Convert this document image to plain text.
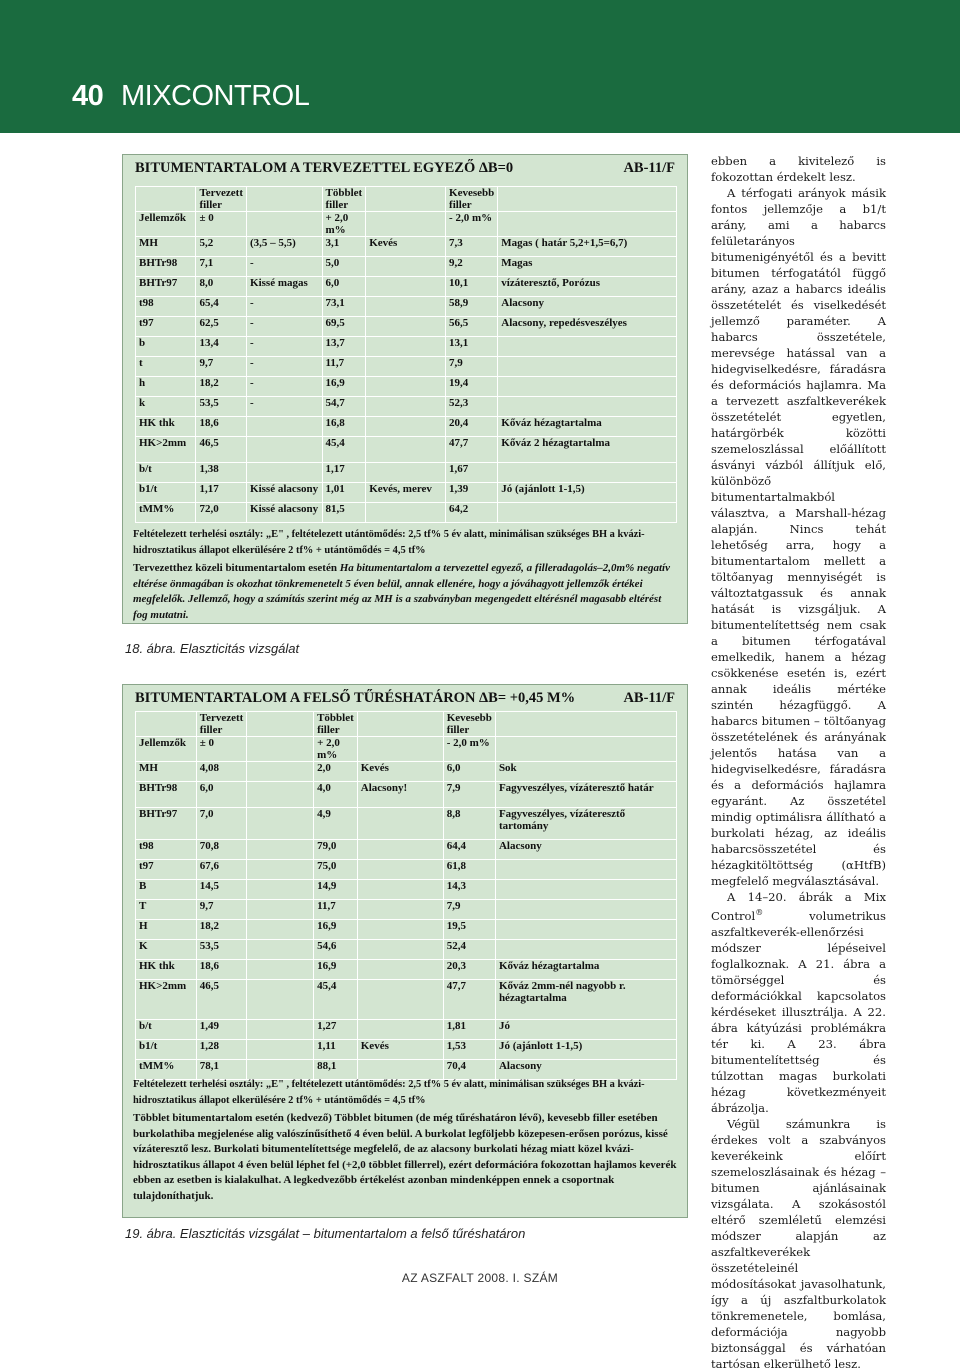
40 MIXCONTROL
BITUMENTARTALOM A TERVEZETTEL EGYEZŐ ΔB=0	AB-11/F
	Tervezett filler		Többlet filler		Kevesebb filler	
Jellemzők	± 0		+ 2,0 m%		- 2,0 m%	
MH	5,2	(3,5 – 5,5)	3,1	Kevés	7,3	Magas ( határ 5,2+1,5=6,7)
BHTr98	7,1	-	5,0		9,2	Magas
BHTr97	8,0	Kissé magas	6,0		10,1	vízáteresztő, Porózus
t98	65,4	-	73,1		58,9	Alacsony
t97	62,5	-	69,5		56,5	Alacsony, repedésveszélyes
b	13,4	-	13,7		13,1	
t	9,7	-	11,7		7,9	
h	18,2	-	16,9		19,4	
k	53,5	-	54,7		52,3	
HK thk	18,6		16,8		20,4	Kőváz hézagtartalma
HK>2mm	46,5		45,4		47,7	Kőváz 2 hézagtartalma
b/t	1,38		1,17		1,67	
b1/t	1,17	Kissé alacsony	1,01	Kevés, merev	1,39	Jó (ajánlott 1-1,5)
tMM%	72,0	Kissé alacsony	81,5		64,2	
Feltételezett terhelési osztály: „E" , feltételezett utántömődés: 2,5 tf% 5 év alatt, minimálisan szükséges BH a kvázi-hidrosztatikus állapot elkerülésére 2 tf% + utántömődés = 4,5 tf%
Tervezetthez közeli bitumentartalom esetén Ha bitumentartalom a tervezettel egyező, a filleradagolás–2,0m% negatív eltérése önmagában is okozhat tönkremenetelt 5 éven belül, annak ellenére, hogy a jóváhagyott jellemzők értékei megfelelők. Jellemző, hogy a számítás szerint még az MH is a szabványban megengedett eltérésnél magasabb eltérést fog mutatni.
18. ábra. Elaszticitás vizsgálat
BITUMENTARTALOM A FELSŐ TŰRÉSHATÁRON ΔB= +0,45 M%	AB-11/F
	Tervezett filler		Többlet filler		Kevesebb filler	
Jellemzők	± 0		+ 2,0 m%		- 2,0 m%	
MH	4,08		2,0	Kevés	6,0	Sok
BHTr98	6,0		4,0	Alacsony!	7,9	Fagyveszélyes, vízáteresztő határ
BHTr97	7,0		4,9		8,8	Fagyveszélyes, vízáteresztő tartomány
t98	70,8		79,0		64,4	Alacsony
t97	67,6		75,0		61,8	
B	14,5		14,9		14,3	
T	9,7		11,7		7,9	
H	18,2		16,9		19,5	
K	53,5		54,6		52,4	
HK thk	18,6		16,9		20,3	Kőváz hézagtartalma
HK>2mm	46,5		45,4		47,7	Kőváz 2mm-nél nagyobb r. hézagtartalma
b/t	1,49		1,27		1,81	Jó
b1/t	1,28		1,11	Kevés	1,53	Jó (ajánlott 1-1,5)
tMM%	78,1		88,1		70,4	Alacsony
Feltételezett terhelési osztály: „E" , feltételezett utántömődés: 2,5 tf% 5 év alatt, minimálisan szükséges BH a kvázi-hidrosztatikus állapot elkerülésére 2 tf% + utántömődés = 4,5 tf%
Többlet bitumentartalom esetén (kedvező) Többlet bitumen (de még tűréshatáron lévő), kevesebb filler esetében burkolathiba megjelenése alig valószínűsíthető 4 éven belül. A burkolat legföljebb közepesen-erősen porózus, kissé vízáteresztő lesz. Burkolati bitumentelítettsége megfelelő, de az alacsony burkolati hézag miatt közel kvázi-hidrosztatikus állapot 4 éven belül léphet fel (+2,0 többlet fillerrel), ezért deformációra fokozottan hajlamos keverék ebben az esetben is kialakulhat. A legkedvezőbb értékelést azonban mindenképpen ennek a csoportnak tulajdoníthatjuk.
19. ábra. Elaszticitás vizsgálat – bitumentartalom a felső tűréshatáron

ebben a kivitelező is fokozottan érdekelt lesz.

A térfogati arányok másik fontos jellemzője a b1/t arány, ami a habarcs felületarányos bitumenigényétől és a bevitt bitumen térfogatától függő arány, azaz a habarcs ideális összetételét és viselkedését jellemző paraméter. A habarcs összetétele, merevsége hatással van a hidegviselkedésre, fáradásra és deformációs hajlamra. Ma a tervezett aszfaltkeverékek összetételét egyetlen, határgörbék közötti szemeloszlással előállított ásványi vázból állítjuk elő, különböző bitumentartalmakból választva, a Marshall-hézag alapján. Nincs tehát lehetőség arra, hogy a bitumentartalom mellett a töltőanyag mennyiségét is változtatgassuk és annak hatását is vizsgáljuk. A bitumentelítettség nem csak a bitumen térfogatával emelkedik, hanem a hézag csökkenése esetén is, ezért annak ideális mértéke szintén hézagfüggő. A habarcs bitumen – töltőanyag összetételének és arányának jelentős hatása van a hidegviselkedésre, fáradásra és a deformációs hajlamra egyaránt. Az összetétel mindig optimálisra állítható a burkolati hézag, az ideális habarcsösszetétel és hézagkitöltöttség (αHtfB) megfelelő megválasztásával.

A 14–20. ábrák a Mix Control® volumetrikus aszfaltkeverék-ellenőrzési módszer lépéseivel foglalkoznak. A 21. ábra a tömörséggel és deformációkkal kapcsolatos kérdéseket illusztrálja. A 22. ábra kátyúzási problémákra tér ki. A 23. ábra bitumentelítettség és túlzottan magas burkolati hézag következményeit ábrázolja.

Végül számunkra is érdekes volt a szabványos keverékeink előírt szemeloszlásainak és hézag – bitumen ajánlásainak vizsgálata. A szokásostól eltérő szemléletű elemzési módszer alapján az aszfaltkeverékek összetételeinél módosításokat javasolhatunk, így a új aszfaltburkolatok tönkremenetele, bomlása, deformációja nagyobb biztonsággal és várhatóan tartósan elkerülhető lesz.

AZ ASZFALT 2008. I. SZÁM
